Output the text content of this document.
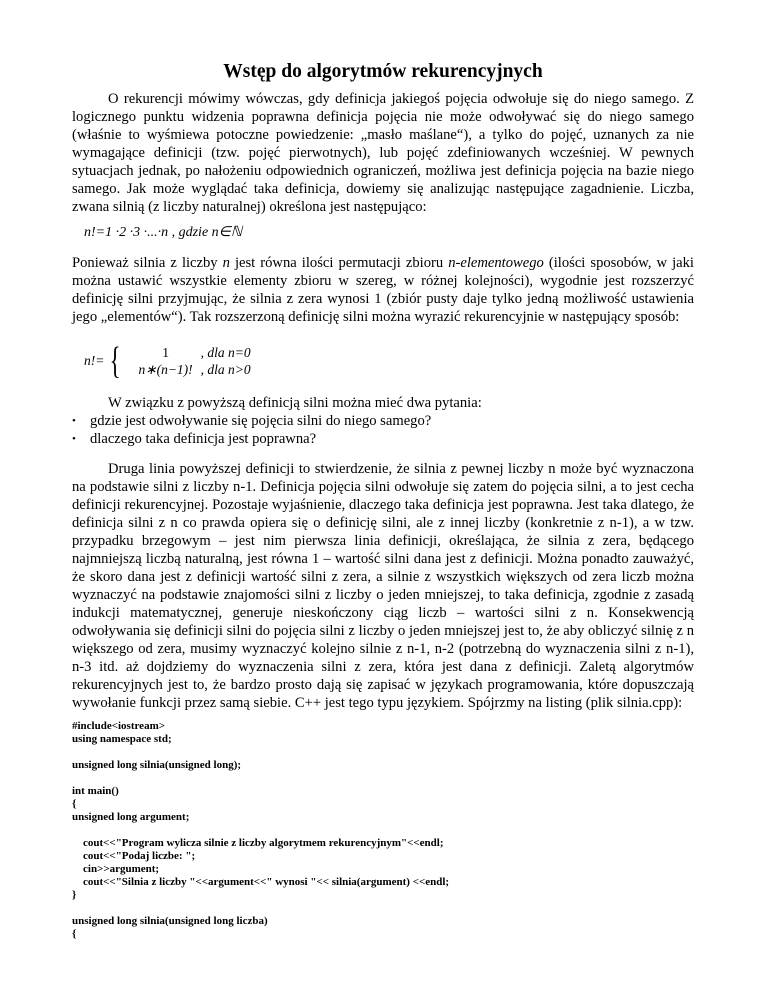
Wstęp do algorytmów rekurencyjnych

O rekurencji mówimy wówczas, gdy definicja jakiegoś pojęcia odwołuje się do niego samego. Z logicznego punktu widzenia poprawna definicja pojęcia nie może odwoływać się do niego samego (właśnie to wyśmiewa potoczne powiedzenie: „masło maślane“), a tylko do pojęć, uznanych za nie wymagające definicji (tzw. pojęć pierwotnych), lub pojęć zdefiniowanych wcześniej. W pewnych sytuacjach jednak, po nałożeniu odpowiednich ograniczeń, możliwa jest definicja pojęcia na bazie niego samego. Jak może wyglądać taka definicja, dowiemy się analizując następujące zagadnienie. Liczba, zwana silnią (z liczby naturalnej) określona jest następująco:

n!=1 ·2 ·3 ·...·n , gdzie n∈ℕ

Ponieważ silnia z liczby n jest równa ilości permutacji zbioru n-elementowego (ilości sposobów, w jaki można ustawić wszystkie elementy zbioru w szereg, w różnej kolejności), wygodnie jest rozszerzyć definicję silni przyjmując, że silnia z zera wynosi 1 (zbiór pusty daje tylko jedną możliwość ustawienia jego „elementów“). Tak rozszerzoną definicję silni można wyrazić rekurencyjnie w następujący sposób:

n!= {	1	, dla n=0
n∗(n−1)! , dla n>0

W związku z powyższą definicją silni można mieć dwa pytania:

• gdzie jest odwoływanie się pojęcia silni do niego samego?
• dlaczego taka definicja jest poprawna?

Druga linia powyższej definicji to stwierdzenie, że silnia z pewnej liczby n może być wyznaczona na podstawie silni z liczby n-1. Definicja pojęcia silni odwołuje się zatem do pojęcia silni, a to jest cecha definicji rekurencyjnej. Pozostaje wyjaśnienie, dlaczego taka definicja jest poprawna. Jest taka dlatego, że definicja silni z n co prawda opiera się o definicję silni, ale z innej liczby (konkretnie z n-1), a w tzw. przypadku brzegowym – jest nim pierwsza linia definicji, określająca, że silnia z zera, będącego najmniejszą liczbą naturalną, jest równa 1 – wartość silni dana jest z definicji. Można ponadto zauważyć, że skoro dana jest z definicji wartość silni z zera, a silnie z wszystkich większych od zera liczb można wyznaczyć na podstawie znajomości silni z liczby o jeden mniejszej, to taka definicja, zgodnie z zasadą indukcji matematycznej, generuje nieskończony ciąg liczb – wartości silni z n. Konsekwencją odwoływania się definicji silni do pojęcia silni z liczby o jeden mniejszej jest to, że aby obliczyć silnię z n większego od zera, musimy wyznaczyć kolejno silnie z n-1, n-2 (potrzebną do wyznaczenia silni z n-1), n-3 itd. aż dojdziemy do wyznaczenia silni z zera, która jest dana z definicji. Zaletą algorytmów rekurencyjnych jest to, że bardzo prosto dają się zapisać w językach programowania, które dopuszczają wywołanie funkcji przez samą siebie. C++ jest tego typu językiem. Spójrzmy na listing (plik silnia.cpp):

#include<iostream>
using namespace std;

unsigned long silnia(unsigned long);

int main()
{
unsigned long argument;

cout<<"Program wylicza silnie z liczby algorytmem rekurencyjnym"<<endl;
cout<<"Podaj liczbe: ";
cin>>argument;
cout<<"Silnia z liczby "<<argument<<" wynosi "<< silnia(argument) <<endl;
}

unsigned long silnia(unsigned long liczba)
{
